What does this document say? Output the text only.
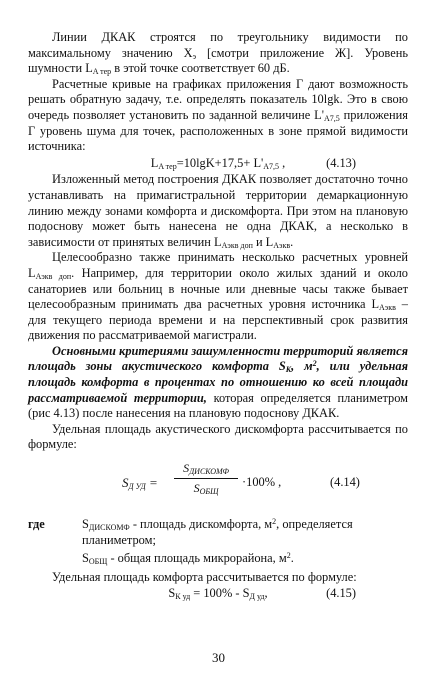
Линии ДКАК строятся по треугольнику видимости по максимальному значению $Х_э$ [смотри приложение Ж]. Уровень шумности $L_{A тер}$ в этой точке соответствует 60 дБ.

Расчетные кривые на графиках приложения Г дают возможность решать обратную задачу, т.е. определять показатель 10lgk. Это в свою очередь позволяет установить по заданной величине $L'_{A7,5}$ приложения Г уровень шума для точек, расположенных в зоне прямой видимости источника:

$L_{A тер}=10\lg K+17,5+ L'_{A7,5}$ ,	(4.13)

Изложенный метод построения ДКАК позволяет достаточно точно устанавливать на примагистральной территории демаркационную линию между зонами комфорта и дискомфорта. При этом на плановую подоснову может быть нанесена не одна ДКАК, а несколько в зависимости от принятых величин $L_{Аэкв доп}$ и $L_{Аэкв}$.

Целесообразно также принимать несколько расчетных уровней $L_{Аэкв доп}$. Например, для территории около жилых зданий и около санаториев или больниц в ночные или дневные часы также бывает целесообразным принимать два расчетных уровня источника $L_{Аэкв}$ – для текущего периода времени и на перспективный срок развития движения по рассматриваемой магистрали.

Основными критериями зашумленности территорий является площадь зоны акустического комфорта $S_К$, $м^2$, или удельная площадь комфорта в процентах по отношению ко всей площади рассматриваемой территории, которая определяется планиметром (рис 4.13) после нанесения на плановую подоснову ДКАК.

Удельная площадь акустического дискомфорта рассчитывается по формуле:

$S_{Д УД}$ =
$S_{ДИСКОМФ}$
$S_{ОБЩ}$
·100% ,	(4.14)
где	$S_{ДИСКОМФ}$ - площадь дискомфорта, $м^2$, определяется планиметром;

$S_{ОБЩ}$ - общая площадь микрорайона, $м^2$.

Удельная площадь комфорта рассчитывается по формуле:

$S_{К уд} = 100\% - S_{Д уд}$,	(4.15)

30
